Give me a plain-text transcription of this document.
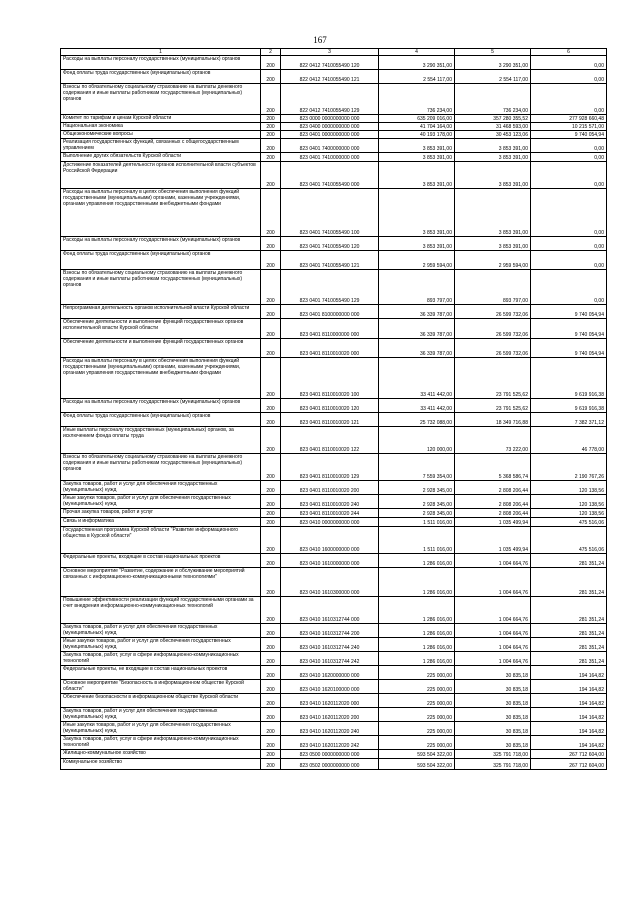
167
1	2	3	4	5	6
Расходы на выплаты персоналу государственных (муниципальных) органов	200	822 0412 7410055490 120	3 290 351,00	3 290 351,00	0,00
Фонд оплаты труда государственных (муниципальных) органов	200	822 0412 7410055490 121	2 554 117,00	2 554 117,00	0,00
Взносы по обязательному социальному страхованию на выплаты денежного содержания и иные выплаты работникам государственных (муниципальных) органов	200	822 0412 7410055490 129	736 234,00	736 234,00	0,00
Комитет по тарифам и ценам Курской области	200	823 0000 0000000000 000	635 209 016,00	357 280 355,52	277 928 660,48
Национальная экономика	200	823 0400 0000000000 000	41 704 164,00	31 468 593,00	10 215 571,00
Общеэкономические вопросы	200	823 0401 0000000000 000	40 193 178,00	30 453 123,06	9 740 054,94
Реализация государственных функций, связанных с общегосударственным управлением	200	823 0401 7400000000 000	3 853 391,00	3 853 391,00	0,00
Выполнение других обязательств Курской области	200	823 0401 7410000000 000	3 853 391,00	3 853 391,00	0,00
Достижение показателей деятельности органов исполнительной власти субъектов Российской Федерации	200	823 0401 7410055490 000	3 853 391,00	3 853 391,00	0,00
Расходы на выплаты персоналу в целях обеспечения выполнения функций государственными (муниципальными) органами, казенными учреждениями, органами управления государственными внебюджетными фондами	200	823 0401 7410055490 100	3 853 391,00	3 853 391,00	0,00
Расходы на выплаты персоналу государственных (муниципальных) органов	200	823 0401 7410055490 120	3 853 391,00	3 853 391,00	0,00
Фонд оплаты труда государственных (муниципальных) органов	200	823 0401 7410055490 121	2 959 594,00	2 959 594,00	0,00
Взносы по обязательному социальному страхованию на выплаты денежного содержания и иные выплаты работникам государственных (муниципальных) органов	200	823 0401 7410055490 129	893 797,00	893 797,00	0,00
Непрограммная деятельность органов исполнительной власти Курской области	200	823 0401 8100000000 000	36 339 787,00	26 599 732,06	9 740 054,94
Обеспечение деятельности и выполнение функций государственных органов исполнительной власти Курской области	200	823 0401 8110000000 000	36 339 787,00	26 599 732,06	9 740 054,94
Обеспечение деятельности и выполнение функций государственных органов	200	823 0401 8110010020 000	36 339 787,00	26 599 732,06	9 740 054,94
Расходы на выплаты персоналу в целях обеспечения выполнения функций государственными (муниципальными) органами, казенными учреждениями, органами управления государственными внебюджетными фондами	200	823 0401 8110010020 100	33 411 442,00	23 791 525,62	9 619 916,38
Расходы на выплаты персоналу государственных (муниципальных) органов	200	823 0401 8110010020 120	33 411 442,00	23 791 525,62	9 619 916,38
Фонд оплаты труда государственных (муниципальных) органов	200	823 0401 8110010020 121	25 732 088,00	18 349 716,88	7 382 371,12
Иные выплаты персоналу государственных (муниципальных) органов, за исключением фонда оплаты труда	200	823 0401 8110010020 122	120 000,00	73 222,00	46 778,00
Взносы по обязательному социальному страхованию на выплаты денежного содержания и иные выплаты работникам государственных (муниципальных) органов	200	823 0401 8110010020 129	7 559 354,00	5 368 586,74	2 190 767,26
Закупка товаров, работ и услуг для обеспечения государственных (муниципальных) нужд	200	823 0401 8110010020 200	2 928 345,00	2 808 206,44	120 138,56
Иные закупки товаров, работ и услуг для обеспечения государственных (муниципальных) нужд	200	823 0401 8110010020 240	2 928 345,00	2 808 206,44	120 138,56
Прочая закупка товаров, работ и услуг	200	823 0401 8110010020 244	2 928 345,00	2 808 206,44	120 138,56
Связь и информатика	200	823 0410 0000000000 000	1 511 016,00	1 035 499,94	475 516,06
Государственная программа Курской области "Развитие информационного общества в Курской области"	200	823 0410 1600000000 000	1 511 016,00	1 035 499,94	475 516,06
Федеральные проекты, входящие в состав национальных проектов	200	823 0410 1610000000 000	1 286 016,00	1 004 664,76	281 351,24
Основное мероприятие "Развитие, содержание и обслуживание мероприятий связанных с информационно-коммуникационными технологиями"	200	823 0410 1610300000 000	1 286 016,00	1 004 664,76	281 351,24
Повышение эффективности реализации функций государственными органами за счет внедрения информационно-коммуникационных технологий	200	823 0410 1610312744 000	1 286 016,00	1 004 664,76	281 351,24
Закупка товаров, работ и услуг для обеспечения государственных (муниципальных) нужд	200	823 0410 1610312744 200	1 286 016,00	1 004 664,76	281 351,24
Иные закупки товаров, работ и услуг для обеспечения государственных (муниципальных) нужд	200	823 0410 1610312744 240	1 286 016,00	1 004 664,76	281 351,24
Закупка товаров, работ, услуг в сфере информационно-коммуникационных технологий	200	823 0410 1610312744 242	1 286 016,00	1 004 664,76	281 351,24
Федеральные проекты, не входящие в состав национальных проектов	200	823 0410 1620000000 000	225 000,00	30 835,18	194 164,82
Основное мероприятие "Безопасность в информационном обществе Курской области"	200	823 0410 1620100000 000	225 000,00	30 835,18	194 164,82
Обеспечение безопасности в информационном обществе Курской области	200	823 0410 1620112020 000	225 000,00	30 835,18	194 164,82
Закупка товаров, работ и услуг для обеспечения государственных (муниципальных) нужд	200	823 0410 1620112020 200	225 000,00	30 835,18	194 164,82
Иные закупки товаров, работ и услуг для обеспечения государственных (муниципальных) нужд	200	823 0410 1620112020 240	225 000,00	30 835,18	194 164,82
Закупка товаров, работ, услуг в сфере информационно-коммуникационных технологий	200	823 0410 1620112020 242	225 000,00	30 835,18	194 164,82
Жилищно-коммунальное хозяйство	200	823 0500 0000000000 000	593 504 322,00	325 791 718,00	267 712 604,00
Коммунальное хозяйство	200	823 0502 0000000000 000	593 504 322,00	325 791 718,00	267 712 604,00
